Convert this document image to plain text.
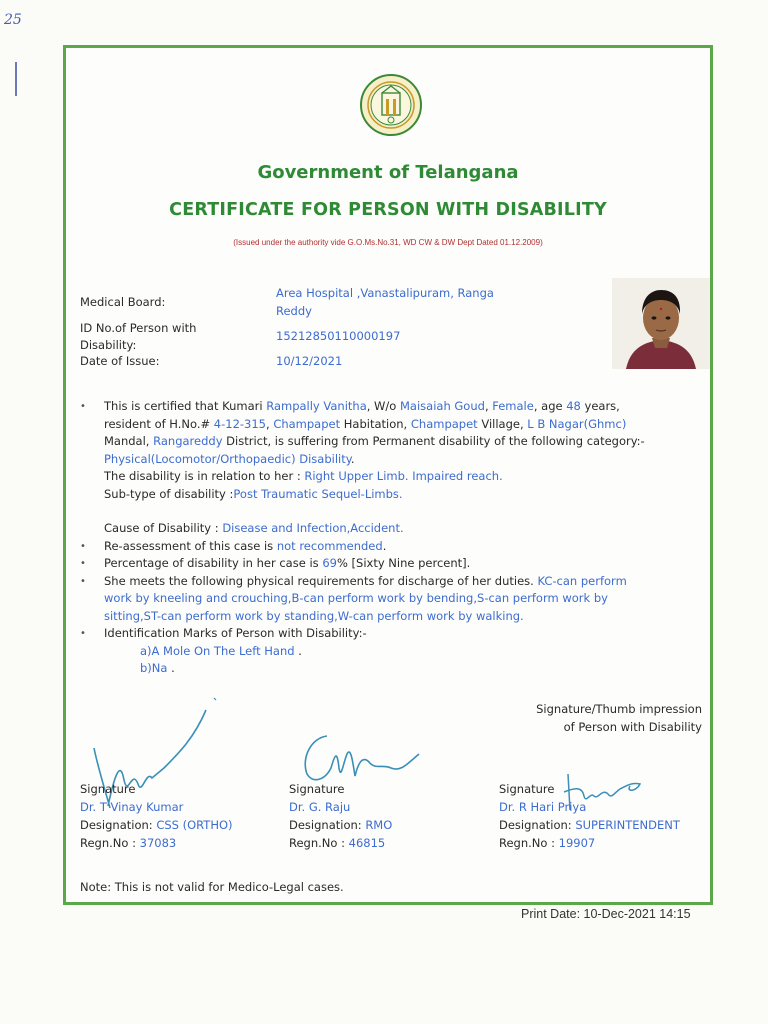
25
Government of Telangana
CERTIFICATE FOR PERSON WITH DISABILITY
(Issued under the authority vide G.O.Ms.No.31, WD CW & DW Dept Dated 01.12.2009)
Medical Board:
Area Hospital ,Vanastalipuram, Ranga
Reddy
ID No.of Person with
Disability:
15212850110000197
Date of Issue:	10/12/2021
• This is certified that Kumari Rampally Vanitha, W/o Maisaiah Goud, Female, age 48 years,
resident of H.No.# 4-12-315, Champapet Habitation, Champapet Village, L B Nagar(Ghmc)
Mandal, Rangareddy District, is suffering from Permanent disability of the following category:-
Physical(Locomotor/Orthopaedic) Disability.
The disability is in relation to her : Right Upper Limb. Impaired reach.
Sub-type of disability :Post Traumatic Sequel-Limbs.
Cause of Disability : Disease and Infection,Accident.
• Re-assessment of this case is not recommended.
• Percentage of disability in her case is 69% [Sixty Nine percent].
• She meets the following physical requirements for discharge of her duties. KC-can perform
work by kneeling and crouching,B-can perform work by bending,S-can perform work by
sitting,ST-can perform work by standing,W-can perform work by walking.
• Identification Marks of Person with Disability:-
a)A Mole On The Left Hand .
b)Na .
Signature/Thumb impression
of Person with Disability
Signature
Dr. T Vinay Kumar
Designation: CSS (ORTHO)
Regn.No : 37083
Signature
Dr. G. Raju
Designation: RMO
Regn.No : 46815
Signature
Dr. R Hari Priya
Designation: SUPERINTENDENT
Regn.No : 19907
Note: This is not valid for Medico-Legal cases.
Print Date: 10-Dec-2021 14:15
